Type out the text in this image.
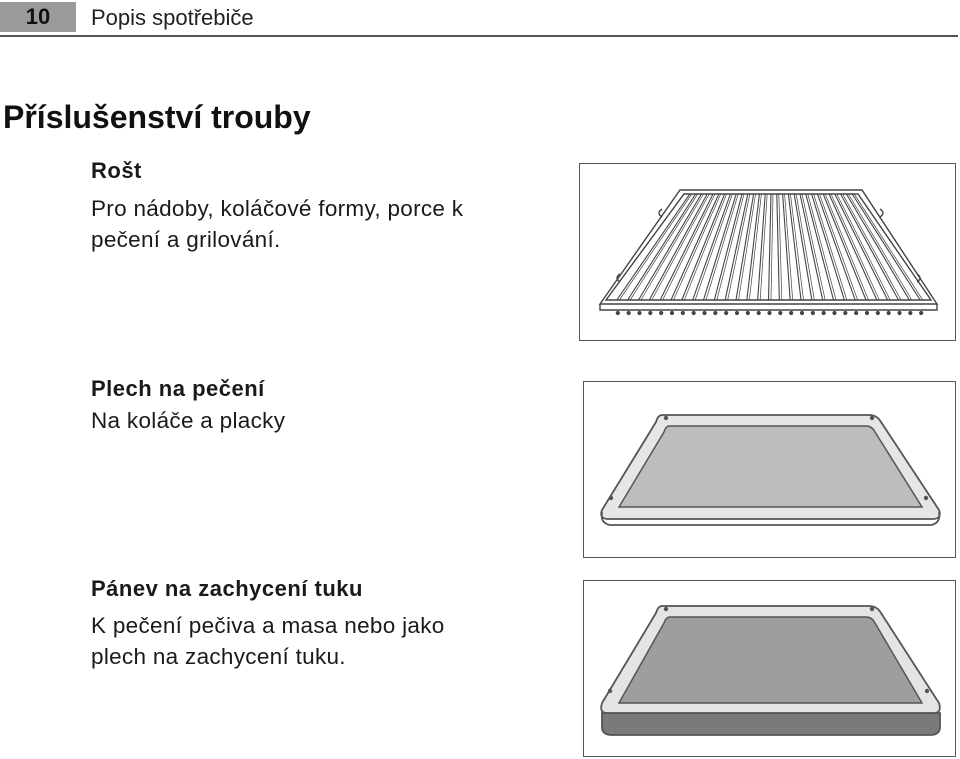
10	Popis spotřebiče
Příslušenství trouby
Rošt
Pro nádoby, koláčové formy, porce k
pečení a grilování.
Plech na pečení
Na koláče a placky
Pánev na zachycení tuku
K pečení pečiva a masa nebo jako
plech na zachycení tuku.
